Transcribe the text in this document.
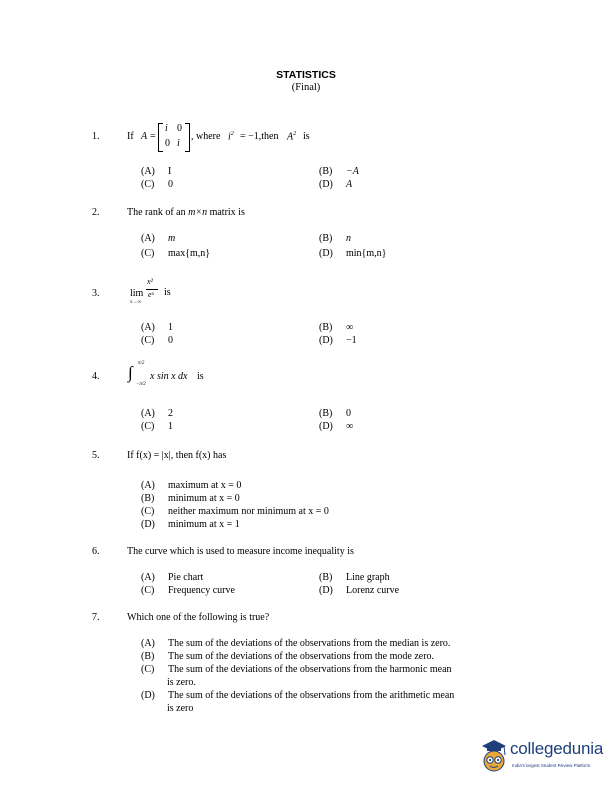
STATISTICS
(Final)
1.	If A =
i 0
0 i
, where $i^2$ = −1,then $A^2$ is
(A) I	(B) −A
(C) 0	(D) A
2.	The rank of an m×n matrix is
(A) m	(B) n
(C) max{m,n}	(D) min{m,n}
3.	lim
x→∞
x²
eˣ is
(A) 1	(B) ∞
(C) 0	(D) −1
4. ∫ π/2
−π/2
x sin x dx is
(A) 2	(B) 0
(C) 1	(D) ∞
5.	If f(x) = |x|, then f(x) has
(A) maximum at x = 0
(B) minimum at x = 0
(C) neither maximum nor minimum at x = 0
(D) minimum at x = 1
6.	The curve which is used to measure income inequality is
(A) Pie chart	(B) Line graph
(C) Frequency curve	(D) Lorenz curve
7.	Which one of the following is true?
(A) The sum of the deviations of the observations from the median is zero.
(B) The sum of the deviations of the observations from the mode zero.
(C) The sum of the deviations of the observations from the harmonic mean
is zero.
(D) The sum of the deviations of the observations from the arithmetic mean
is zero
collegedunia
India's largest Student Review Platform
